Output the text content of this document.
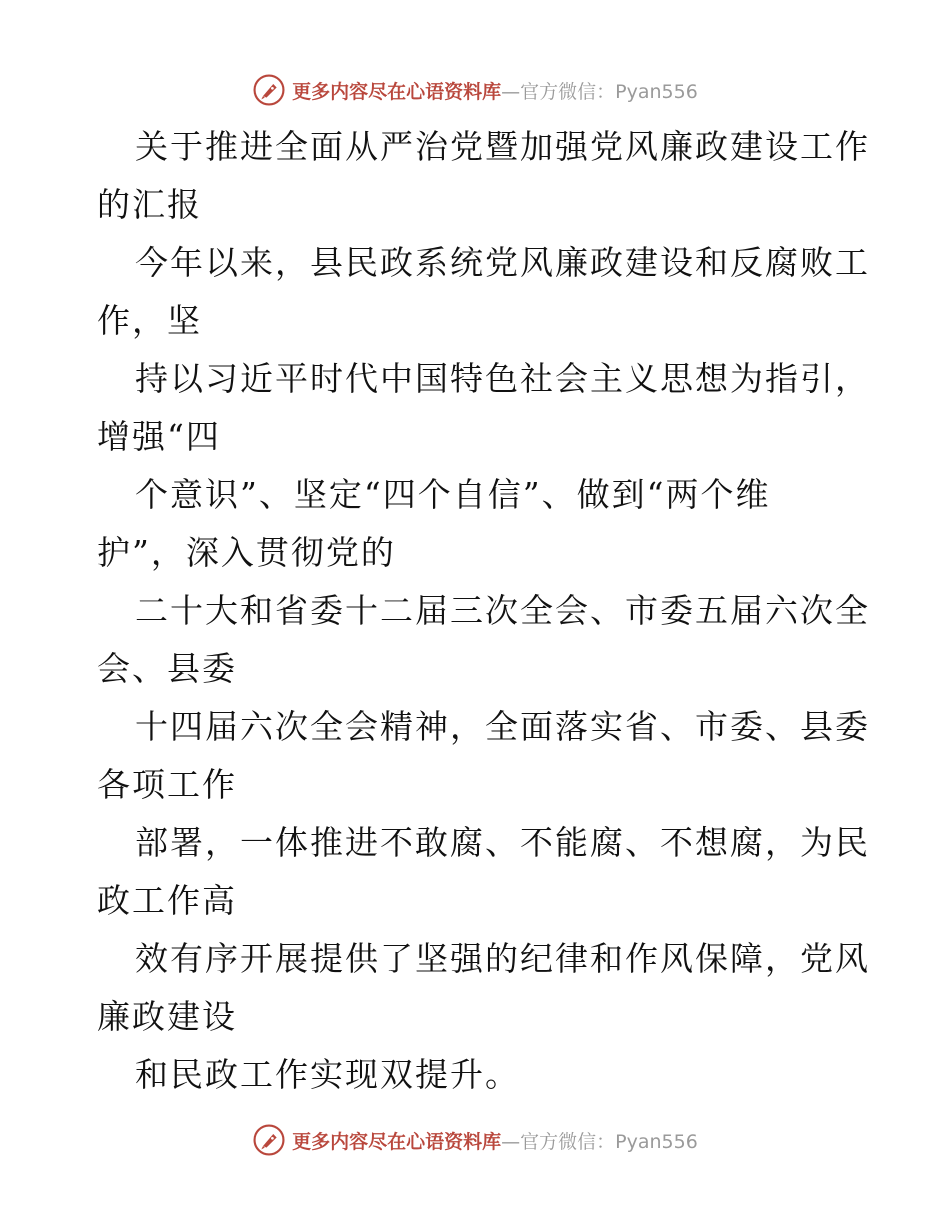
更多内容尽在心语资料库 —官方微信：Pyan556
关于推进全面从严治党暨加强党风廉政建设工作
的汇报
今年以来，县民政系统党风廉政建设和反腐败工
作，坚
持以习近平时代中国特色社会主义思想为指引，
增强“四
个意识”、坚定“四个自信”、做到“两个维
护”，深入贯彻党的
二十大和省委十二届三次全会、市委五届六次全
会、县委
十四届六次全会精神，全面落实省、市委、县委
各项工作
部署，一体推进不敢腐、不能腐、不想腐，为民
政工作高
效有序开展提供了坚强的纪律和作风保障，党风
廉政建设
和民政工作实现双提升。
更多内容尽在心语资料库 —官方微信：Pyan556
